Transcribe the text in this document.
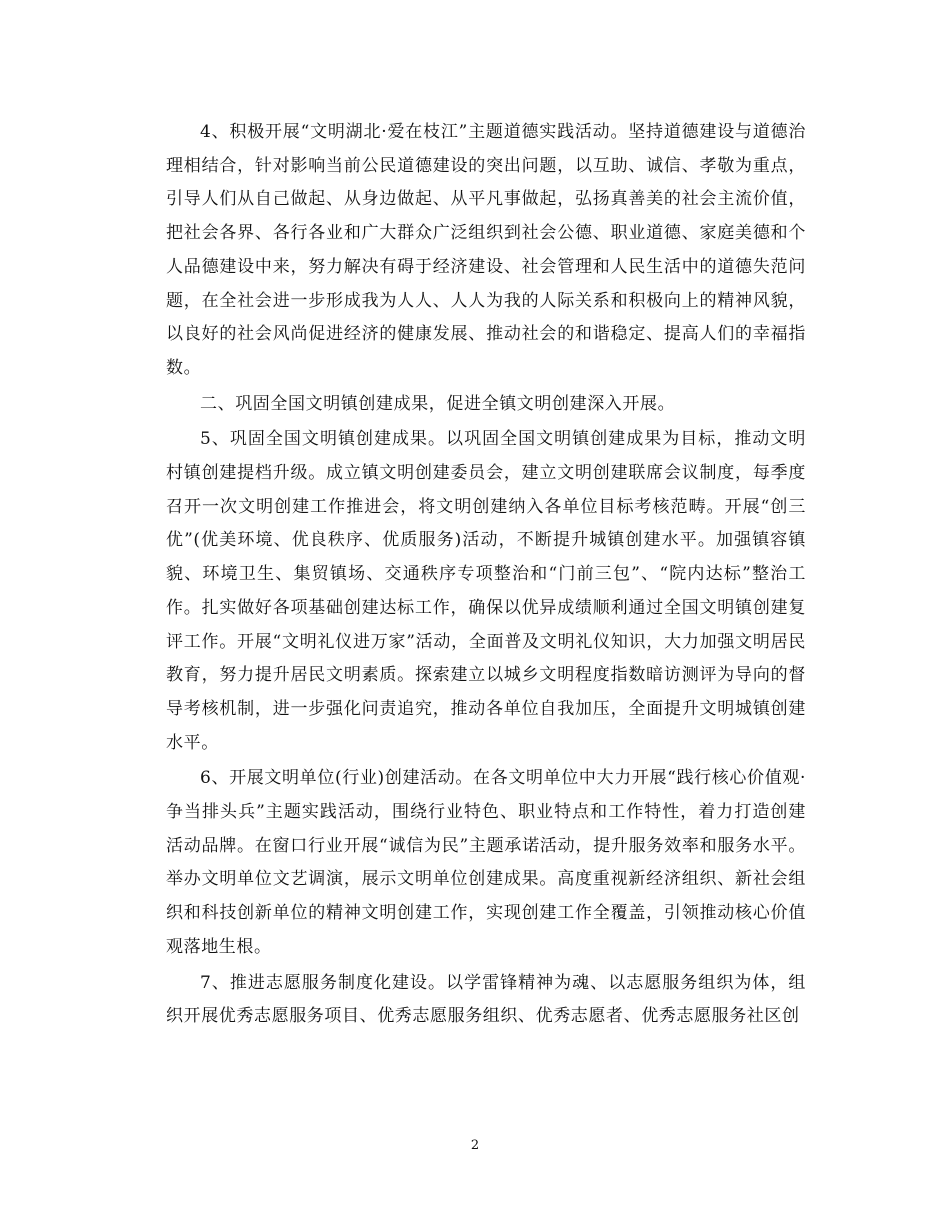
4、积极开展“文明湖北·爱在枝江”主题道德实践活动。坚持道德建设与道德治理相结合，针对影响当前公民道德建设的突出问题，以互助、诚信、孝敬为重点，引导人们从自己做起、从身边做起、从平凡事做起，弘扬真善美的社会主流价值，把社会各界、各行各业和广大群众广泛组织到社会公德、职业道德、家庭美德和个人品德建设中来，努力解决有碍于经济建设、社会管理和人民生活中的道德失范问题，在全社会进一步形成我为人人、人人为我的人际关系和积极向上的精神风貌，以良好的社会风尚促进经济的健康发展、推动社会的和谐稳定、提高人们的幸福指数。

二、巩固全国文明镇创建成果，促进全镇文明创建深入开展。

5、巩固全国文明镇创建成果。以巩固全国文明镇创建成果为目标，推动文明村镇创建提档升级。成立镇文明创建委员会，建立文明创建联席会议制度，每季度召开一次文明创建工作推进会，将文明创建纳入各单位目标考核范畴。开展“创三优”(优美环境、优良秩序、优质服务)活动，不断提升城镇创建水平。加强镇容镇貌、环境卫生、集贸镇场、交通秩序专项整治和“门前三包”、“院内达标”整治工作。扎实做好各项基础创建达标工作，确保以优异成绩顺利通过全国文明镇创建复评工作。开展“文明礼仪进万家”活动，全面普及文明礼仪知识，大力加强文明居民教育，努力提升居民文明素质。探索建立以城乡文明程度指数暗访测评为导向的督导考核机制，进一步强化问责追究，推动各单位自我加压，全面提升文明城镇创建水平。

6、开展文明单位(行业)创建活动。在各文明单位中大力开展“践行核心价值观·争当排头兵”主题实践活动，围绕行业特色、职业特点和工作特性，着力打造创建活动品牌。在窗口行业开展“诚信为民”主题承诺活动，提升服务效率和服务水平。举办文明单位文艺调演，展示文明单位创建成果。高度重视新经济组织、新社会组织和科技创新单位的精神文明创建工作，实现创建工作全覆盖，引领推动核心价值观落地生根。

7、推进志愿服务制度化建设。以学雷锋精神为魂、以志愿服务组织为体，组织开展优秀志愿服务项目、优秀志愿服务组织、优秀志愿者、优秀志愿服务社区创

2
